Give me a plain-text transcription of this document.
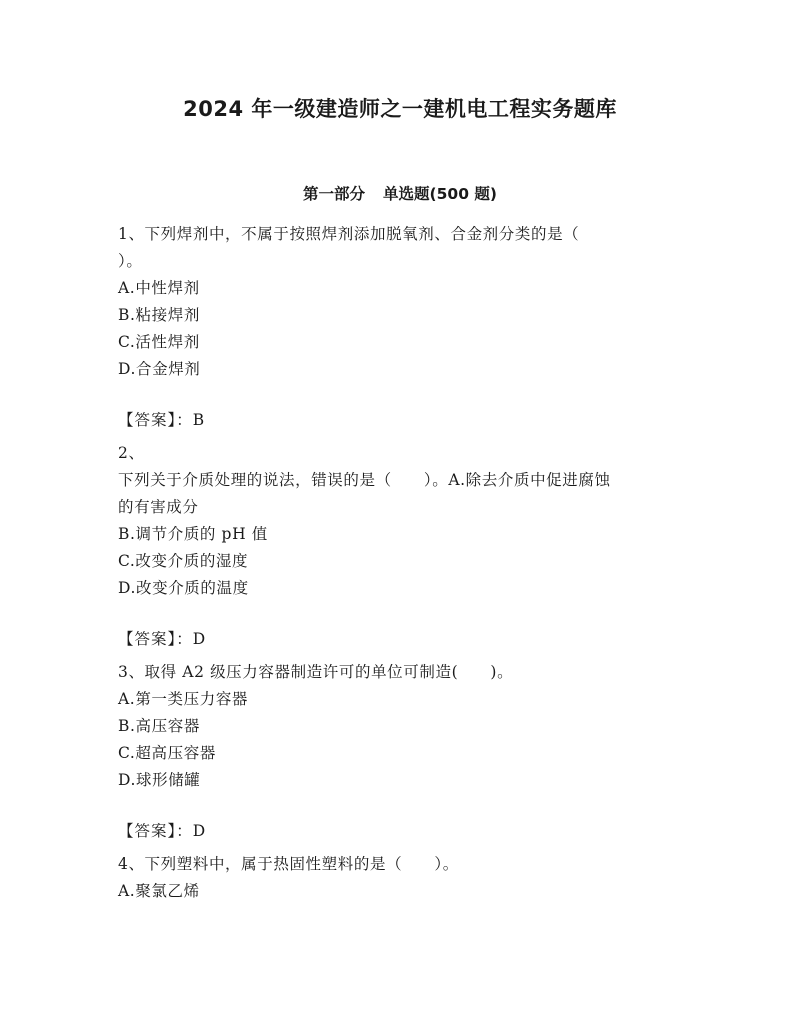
2024 年一级建造师之一建机电工程实务题库
第一部分 单选题(500 题)
1、下列焊剂中，不属于按照焊剂添加脱氧剂、合金剂分类的是（
）。
A.中性焊剂
B.粘接焊剂
C.活性焊剂
D.合金焊剂
【答案】：B
2、
下列关于介质处理的说法，错误的是（　　）。A.除去介质中促进腐蚀
的有害成分
B.调节介质的 pH 值
C.改变介质的湿度
D.改变介质的温度
【答案】：D
3、取得 A2 级压力容器制造许可的单位可制造(　　)。
A.第一类压力容器
B.高压容器
C.超高压容器
D.球形储罐
【答案】：D
4、下列塑料中，属于热固性塑料的是（　　）。
A.聚氯乙烯
